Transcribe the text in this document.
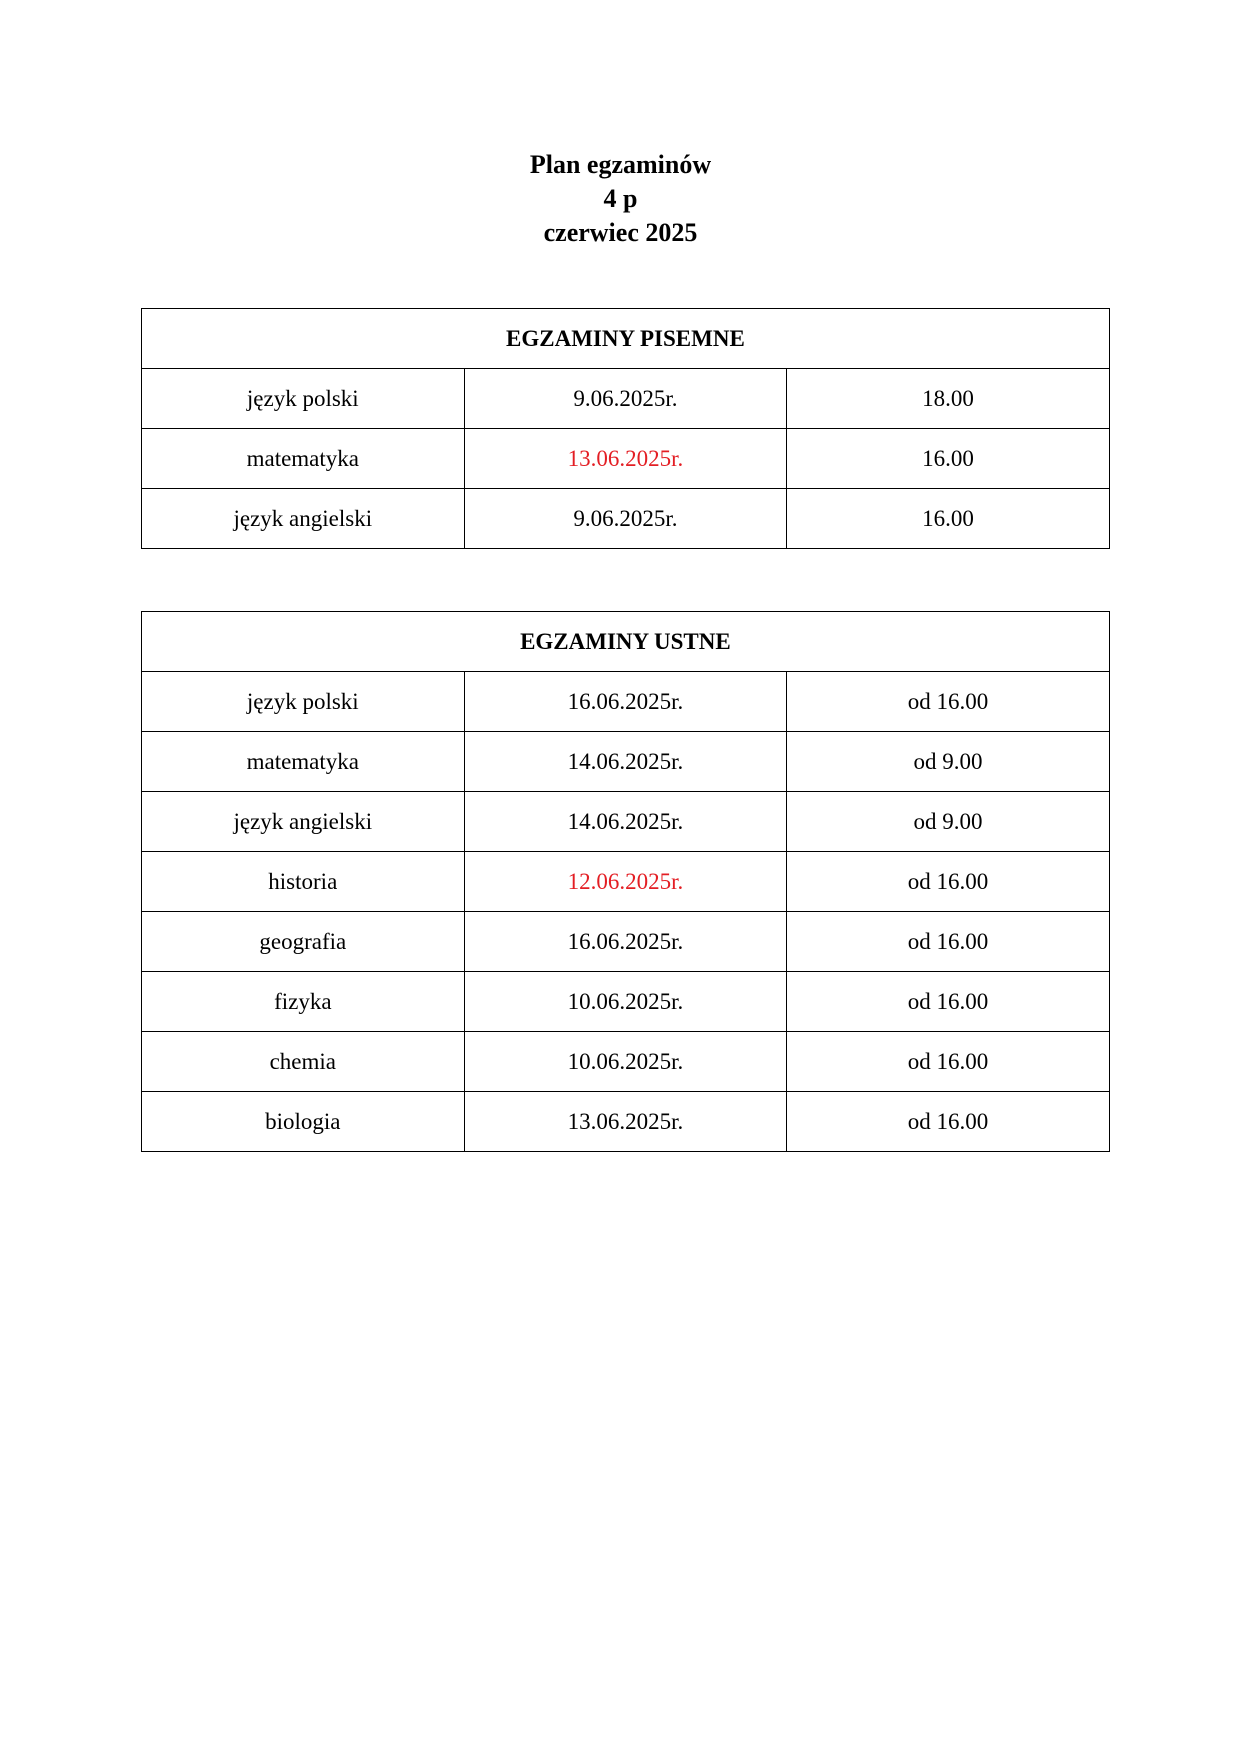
Plan egzaminów
4 p
czerwiec 2025
EGZAMINY PISEMNE		
język polski	9.06.2025r.	18.00
matematyka	13.06.2025r.	16.00
język angielski	9.06.2025r.	16.00
EGZAMINY USTNE		
język polski	16.06.2025r.	od 16.00
matematyka	14.06.2025r.	od 9.00
język angielski	14.06.2025r.	od 9.00
historia	12.06.2025r.	od 16.00
geografia	16.06.2025r.	od 16.00
fizyka	10.06.2025r.	od 16.00
chemia	10.06.2025r.	od 16.00
biologia	13.06.2025r.	od 16.00
